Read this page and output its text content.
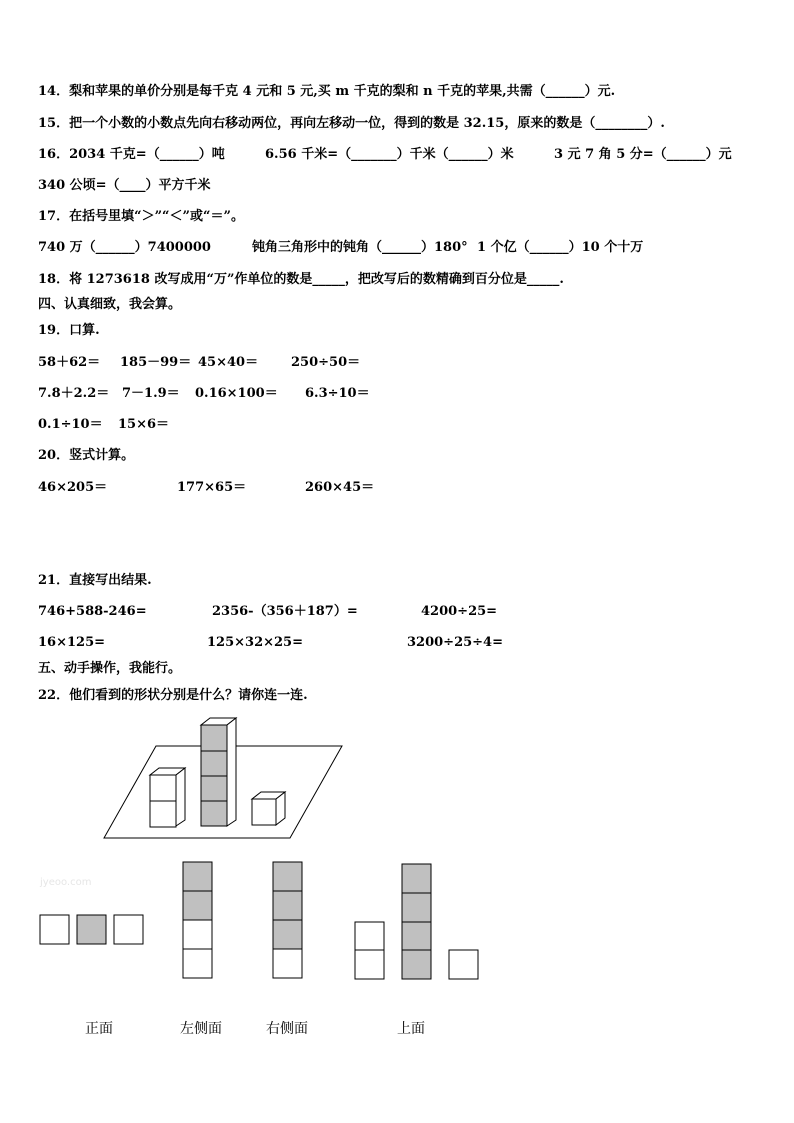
14．梨和苹果的单价分别是每千克 4 元和 5 元,买 m 千克的梨和 n 千克的苹果,共需（______）元.
15．把一个小数的小数点先向右移动两位，再向左移动一位，得到的数是 32.15，原来的数是（________）.
16．2034 千克=（______）吨	6.56 千米=（_______）千米（______）米	3 元 7 角 5 分=（______）元
340 公顷=（____）平方千米
17．在括号里填“＞”“＜”或“＝”。
740 万（______）7400000	钝角三角形中的钝角（______）180° 1 个亿（______）10 个十万
18．将 1273618 改写成用“万”作单位的数是_____，把改写后的数精确到百分位是_____.
四、认真细致，我会算。
19．口算.
58＋62＝ 185－99＝ 45×40＝	250÷50＝
7.8＋2.2＝ 7－1.9＝ 0.16×100＝ 6.3÷10＝
0.1÷10＝ 15×6＝
20．竖式计算。
46×205＝	177×65＝	260×45＝
21．直接写出结果.
746+588-246=	2356-（356＋187）=	4200÷25=
16×125=	125×32×25=	3200÷25÷4=
五、动手操作，我能行。
22．他们看到的形状分别是什么？请你连一连.
jyeoo.com
正面	左侧面	右侧面	上面
